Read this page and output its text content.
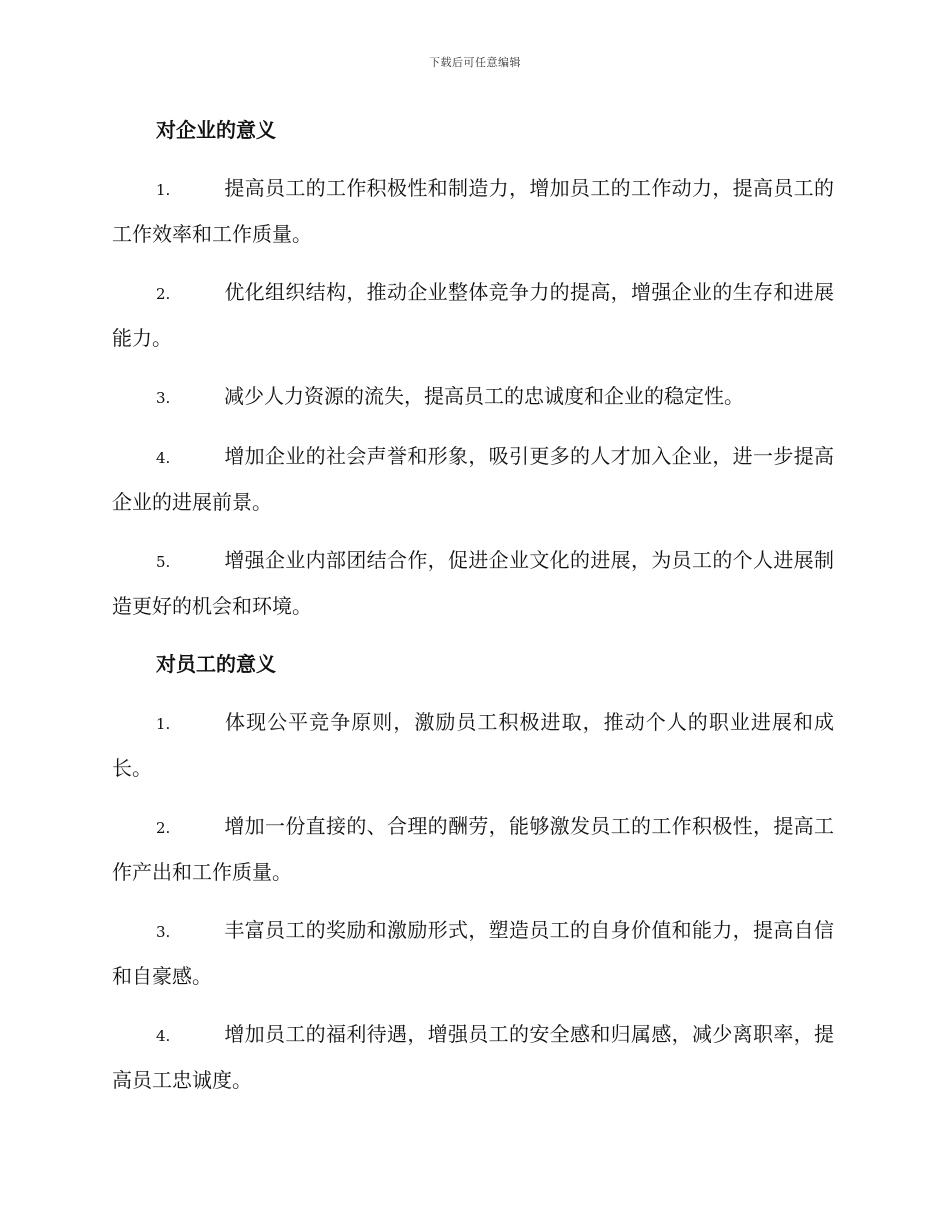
下载后可任意编辑
对企业的意义
1.	提高员工的工作积极性和制造力，增加员工的工作动力，提高员工的工作效率和工作质量。
2.	优化组织结构，推动企业整体竞争力的提高，增强企业的生存和进展能力。
3.	减少人力资源的流失，提高员工的忠诚度和企业的稳定性。
4.	增加企业的社会声誉和形象，吸引更多的人才加入企业，进一步提高企业的进展前景。
5.	增强企业内部团结合作，促进企业文化的进展，为员工的个人进展制造更好的机会和环境。
对员工的意义
1.	体现公平竞争原则，激励员工积极进取，推动个人的职业进展和成长。
2.	增加一份直接的、合理的酬劳，能够激发员工的工作积极性，提高工作产出和工作质量。
3.	丰富员工的奖励和激励形式，塑造员工的自身价值和能力，提高自信和自豪感。
4.	增加员工的福利待遇，增强员工的安全感和归属感，减少离职率，提高员工忠诚度。
